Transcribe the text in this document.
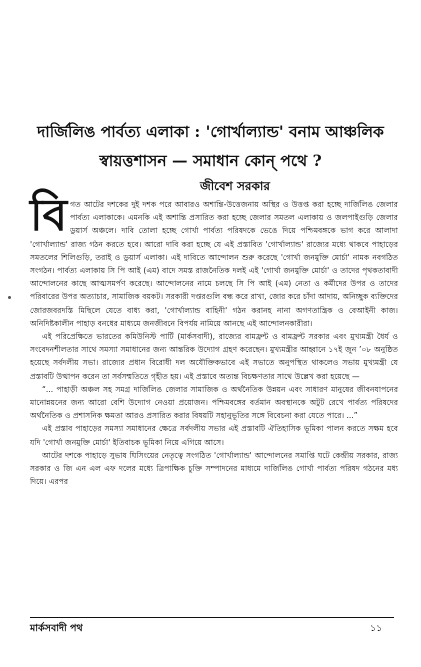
দার্জিলিঙ পার্বত্য এলাকা : 'গোর্খাল্যান্ড' বনাম আঞ্চলিক স্বায়ত্তশাসন — সমাধান কোন্ পথে ?
জীবেশ সরকার

বিগত আটের দশকের দুই দশক পরে আবারও অশান্তি-উত্তেজনায় অস্থির ও উত্তপ্ত করা হচ্ছে দার্জিলিঙ জেলার পার্বত্য এলাকাকে। এমনকি এই অশান্তি প্রসারিত করা হচ্ছে জেলার সমতল এলাকায় ও জলপাইগুড়ি জেলার ডুয়ার্স অঞ্চলে। দাবি তোলা হচ্ছে গোর্খা পার্বত্য পরিষদকে ভেঙে দিয়ে পশ্চিমবঙ্গকে ভাগ করে আলাদা 'গোর্খাল্যান্ড' রাজ্য গঠন করতে হবে। আরো দাবি করা হচ্ছে যে এই প্রস্তাবিত 'গোর্খাল্যান্ড' রাজ্যের মধ্যে থাকবে পাহাড়ের সমতলের শিলিগুড়ি, তরাই ও ডুয়ার্স এলাকা। এই দাবিতে আন্দোলন শুরু করেছে 'গোর্খা জনমুক্তি মোর্চা' নামক নবগঠিত সংগঠন। পার্বত্য এলাকায় সি পি আই (এম) বাদে সমস্ত রাজনৈতিক দলই এই 'গোর্খা জনমুক্তি মোর্চা' ও তাদের পৃথকতাবাদী আন্দোলনের কাছে আত্মসমর্পণ করেছে। আন্দোলনের নামে চলছে সি পি আই (এম) নেতা ও কর্মীদের উপর ও তাদের পরিবারের উপর অত্যাচার, সামাজিক বয়কট। সরকারী দপ্তরগুলি বন্ধ করে রাখা, জোর করে চাঁদা আদায়, অনিচ্ছুক ব্যক্তিদের জোরজবরদস্তি মিছিলে যেতে বাধ্য করা, 'গোর্খাল্যান্ড বাহিনী' গঠন করানহ নানা অগণতান্ত্রিক ও বেআইনী কাজ। অনিদিষ্টকালীন পাহাড় বনধের মাধ্যমে জনজীবনে বিপর্যয় নামিয়ে আনছে এই আন্দোলনকারীরা।

এই পরিপ্রেক্ষিতে ভারতের কমিউনিস্ট পার্টি (মার্কসবাদী), রাজ্যের বামফ্রন্ট ও বামফ্রন্ট সরকার এবং মুখ্যমন্ত্রী ধৈর্য ও সংবেদনশীলতার সাথে সমস্যা সমাধানের জন্য আন্তরিক উদ্যোগ গ্রহণ করেছেন। মুখ্যমন্ত্রীর আহ্বানে ১৭ই জুন ’০৮ অনুষ্ঠিত হয়েছে সর্বদলীয় সভা। রাজ্যের প্রধান বিরোধী দল অযৌক্তিকভাবে এই সভাতে অনুপস্থিত থাকলেও সভায় মুখ্যমন্ত্রী যে প্রস্তাবটি উত্থাপন করেন তা সর্বসম্মতিতে গৃহীত হয়। এই প্রস্তাবে অত্যন্ত বিচক্ষণতার সাথে উল্লেখ করা হয়েছে —

“... পাহাড়ী অঞ্চল সহ সমগ্র দার্জিলিঙ জেলার সামাজিক ও অর্থনৈতিক উন্নয়ন এবং সাধারণ মানুষের জীবনযাপনের মানোন্নয়নের জন্য আরো বেশি উদ্যোগ নেওয়া প্রয়োজন। পশ্চিমবঙ্গের বর্তমান অবস্থানকে অটুট রেখে পার্বত্য পরিষদের অর্থনৈতিক ও প্রশাসনিক ক্ষমতা আরও প্রসারিত করার বিষয়টি সহানুভূতির সঙ্গে বিবেচনা করা যেতে পারে। ...”

এই প্রস্তাব পাহাড়ের সমস্যা সমাধানের ক্ষেত্রে সর্বদলীয় সভার এই প্রস্তাবটি ঐতিহাসিক ভূমিকা পালন করতে সক্ষম হবে যদি 'গোর্খা জনমুক্তি মোর্চা' ইতিবাচক ভূমিকা নিয়ে এগিয়ে আসে।

আটের দশকে পাহাড়ে সুভাষ ঘিসিংয়ের নেতৃত্বে সংগঠিত 'গোর্খাল্যান্ড' আন্দোলনের সমাপ্তি ঘটে কেন্দ্রীয় সরকার, রাজ্য সরকার ও জি এন এল এফ দলের মধ্যে ত্রিপাক্ষিক চুক্তি সম্পাদনের মাধ্যমে দার্জিলিঙ গোর্খা পার্বত্য পরিষদ গঠনের মধ্য দিয়ে। এরপর

মার্কসবাদী পথ	১১
